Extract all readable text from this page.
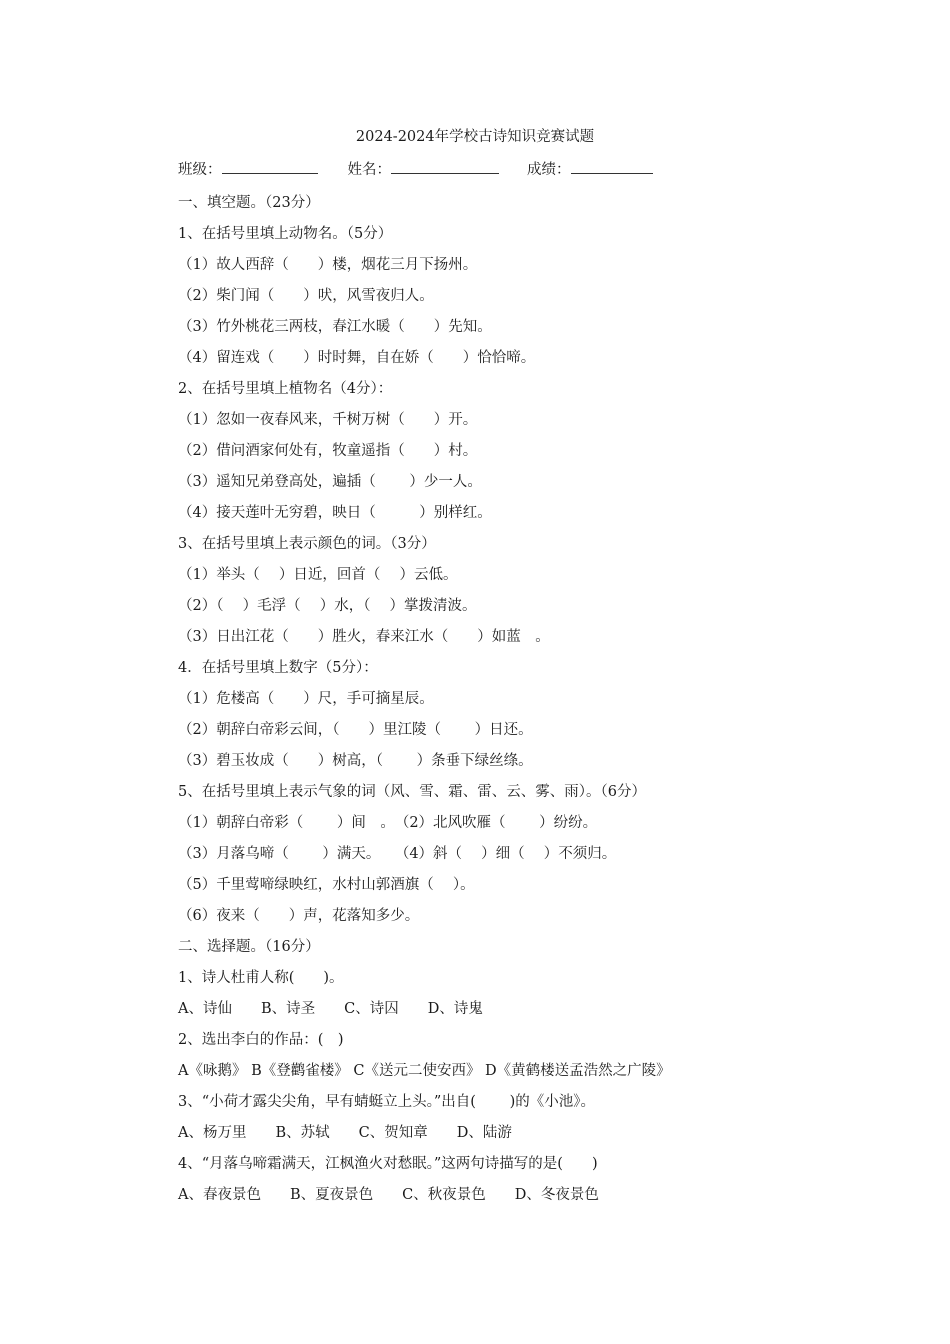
2024-2024年学校古诗知识竞赛试题
班级：	姓名：	成绩：
一、填空题。（23分）
1、在括号里填上动物名。（5分）
（1）故人西辞（　　）楼，烟花三月下扬州。
（2）柴门闻（　　）吠，风雪夜归人。
（3）竹外桃花三两枝，春江水暖（　　）先知。
（4）留连戏（　　）时时舞，自在娇（　　）恰恰啼。
2、在括号里填上植物名（4分）：
（1）忽如一夜春风来，千树万树（　　）开。
（2）借问酒家何处有，牧童遥指（　　）村。
（3）遥知兄弟登高处，遍插（　　 ）少一人。
（4）接天莲叶无穷碧，映日（　　　）别样红。
3、在括号里填上表示颜色的词。（3分）
（1）举头（　 ）日近，回首（　 ）云低。
（2）（　 ）毛浮（　 ）水，（　 ）掌拨清波。
（3）日出江花（　　）胜火，春来江水（　　）如蓝　。
4．在括号里填上数字（5分）：
（1）危楼高（　　）尺，手可摘星辰。
（2）朝辞白帝彩云间，（　　）里江陵（　　 ）日还。
（3）碧玉妆成（　　）树高，（　　 ）条垂下绿丝绦。
5、在括号里填上表示气象的词（风、雪、霜、雷、云、雾、雨）。（6分）
（1）朝辞白帝彩（　　 ）间　。　（2）北风吹雁（　　 ）纷纷。
（3）月落乌啼（　　 ）满天。　　（4）斜（　 ）细（　 ）不须归。
（5）千里莺啼绿映红，水村山郭酒旗（　 ）。
（6）夜来（　　）声，花落知多少。
二、选择题。（16分）
1、诗人杜甫人称(　　)。
A、诗仙　　B、诗圣　　C、诗囚　　D、诗鬼
2、选出李白的作品：(　)
A《咏鹅》 B《登鹳雀楼》 C《送元二使安西》 D《黄鹤楼送孟浩然之广陵》
3、“小荷才露尖尖角，早有蜻蜓立上头。”出自(　　 )的《小池》。
A、杨万里　　B、苏轼　　C、贺知章　　D、陆游
4、“月落乌啼霜满天，江枫渔火对愁眠。”这两句诗描写的是(　　)
A、春夜景色　　B、夏夜景色　　C、秋夜景色　　D、冬夜景色
